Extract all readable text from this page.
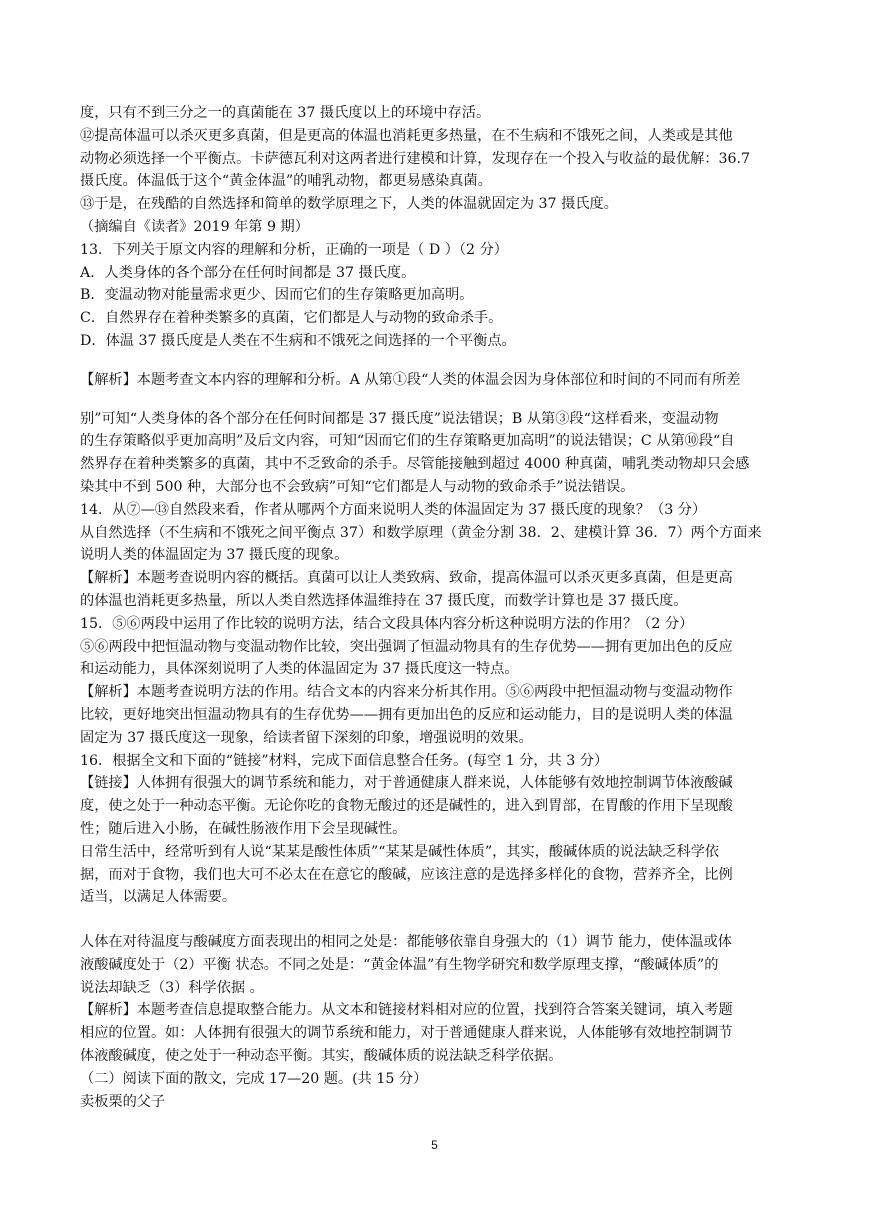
度，只有不到三分之一的真菌能在 37 摄氏度以上的环境中存活。

⑫提高体温可以杀灭更多真菌，但是更高的体温也消耗更多热量，在不生病和不饿死之间，人类或是其他

动物必须选择一个平衡点。卡萨德瓦利对这两者进行建模和计算，发现存在一个投入与收益的最优解：36.7

摄氏度。体温低于这个“黄金体温”的哺乳动物，都更易感染真菌。

⑬于是，在残酷的自然选择和简单的数学原理之下，人类的体温就固定为 37 摄氏度。

（摘编自《读者》2019 年第 9 期）

13．下列关于原文内容的理解和分析，正确的一项是（ D ）（2 分）

A．人类身体的各个部分在任何时间都是 37 摄氏度。

B．变温动物对能量需求更少、因而它们的生存策略更加高明。

C．自然界存在着种类繁多的真菌，它们都是人与动物的致命杀手。

D．体温 37 摄氏度是人类在不生病和不饿死之间选择的一个平衡点。

【解析】本题考查文本内容的理解和分析。A 从第①段“人类的体温会因为身体部位和时间的不同而有所差

别”可知“人类身体的各个部分在任何时间都是 37 摄氏度”说法错误；B 从第③段“这样看来，变温动物

的生存策略似乎更加高明”及后文内容，可知“因而它们的生存策略更加高明”的说法错误；C 从第⑩段“自

然界存在着种类繁多的真菌，其中不乏致命的杀手。尽管能接触到超过 4000 种真菌，哺乳类动物却只会感

染其中不到 500 种，大部分也不会致病”可知“它们都是人与动物的致命杀手”说法错误。

14．从⑦—⑬自然段来看，作者从哪两个方面来说明人类的体温固定为 37 摄氏度的现象？（3 分）

从自然选择（不生病和不饿死之间平衡点 37）和数学原理（黄金分割 38．2、建模计算 36．7）两个方面来

说明人类的体温固定为 37 摄氏度的现象。

【解析】本题考查说明内容的概括。真菌可以让人类致病、致命，提高体温可以杀灭更多真菌，但是更高

的体温也消耗更多热量，所以人类自然选择体温维持在 37 摄氏度，而数学计算也是 37 摄氏度。

15．⑤⑥两段中运用了作比较的说明方法，结合文段具体内容分析这种说明方法的作用？（2 分）

⑤⑥两段中把恒温动物与变温动物作比较，突出强调了恒温动物具有的生存优势——拥有更加出色的反应

和运动能力，具体深刻说明了人类的体温固定为 37 摄氏度这一特点。

【解析】本题考查说明方法的作用。结合文本的内容来分析其作用。⑤⑥两段中把恒温动物与变温动物作

比较，更好地突出恒温动物具有的生存优势——拥有更加出色的反应和运动能力，目的是说明人类的体温

固定为 37 摄氏度这一现象，给读者留下深刻的印象，增强说明的效果。

16．根据全文和下面的“链接”材料，完成下面信息整合任务。(每空 1 分，共 3 分）

【链接】人体拥有很强大的调节系统和能力，对于普通健康人群来说，人体能够有效地控制调节体液酸碱

度，使之处于一种动态平衡。无论你吃的食物无酸过的还是碱性的，进入到胃部，在胃酸的作用下呈现酸

性；随后进入小肠，在碱性肠液作用下会呈现碱性。

日常生活中，经常听到有人说“某某是酸性体质”“某某是碱性体质”，其实，酸碱体质的说法缺乏科学依

据，而对于食物，我们也大可不必太在在意它的酸碱，应该注意的是选择多样化的食物，营养齐全，比例

适当，以满足人体需要。

人体在对待温度与酸碱度方面表现出的相同之处是：都能够依靠自身强大的（1）调节 能力，使体温或体

液酸碱度处于（2）平衡 状态。不同之处是：“黄金体温”有生物学研究和数学原理支撑，“酸碱体质”的

说法却缺乏（3）科学依据 。

【解析】本题考查信息提取整合能力。从文本和链接材料相对应的位置，找到符合答案关键词，填入考题

相应的位置。如：人体拥有很强大的调节系统和能力，对于普通健康人群来说，人体能够有效地控制调节

体液酸碱度，使之处于一种动态平衡。其实，酸碱体质的说法缺乏科学依据。

（二）阅读下面的散文，完成 17—20 题。(共 15 分）

卖板栗的父子

5
